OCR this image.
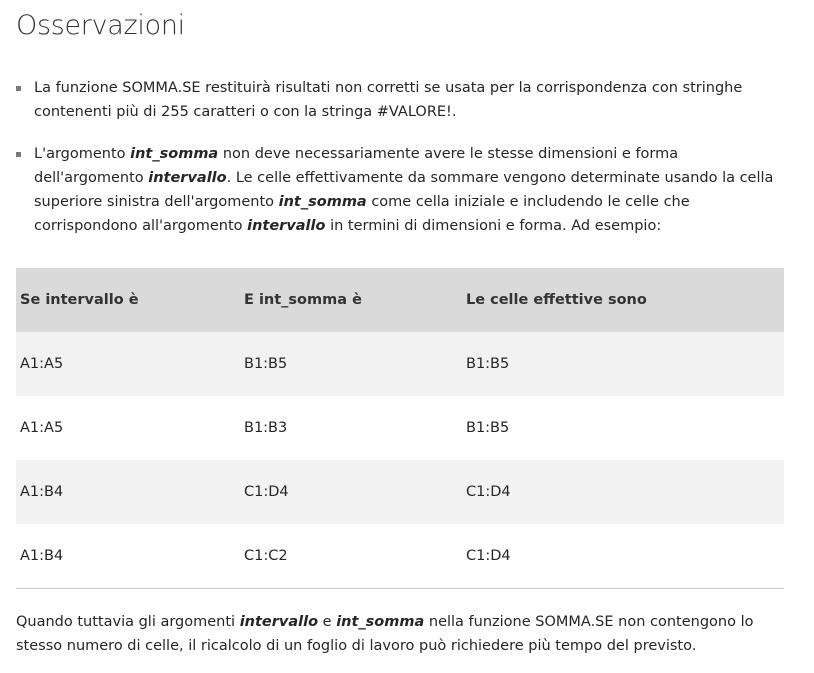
Osservazioni
La funzione SOMMA.SE restituirà risultati non corretti se usata per la corrispondenza con stringhe contenenti più di 255 caratteri o con la stringa #VALORE!.
L'argomento int_somma non deve necessariamente avere le stesse dimensioni e forma dell'argomento intervallo. Le celle effettivamente da sommare vengono determinate usando la cella superiore sinistra dell'argomento int_somma come cella iniziale e includendo le celle che corrispondono all'argomento intervallo in termini di dimensioni e forma. Ad esempio:
Se intervallo è	E int_somma è	Le celle effettive sono
A1:A5	B1:B5	B1:B5
A1:A5	B1:B3	B1:B5
A1:B4	C1:D4	C1:D4
A1:B4	C1:C2	C1:D4

Quando tuttavia gli argomenti intervallo e int_somma nella funzione SOMMA.SE non contengono lo stesso numero di celle, il ricalcolo di un foglio di lavoro può richiedere più tempo del previsto.
